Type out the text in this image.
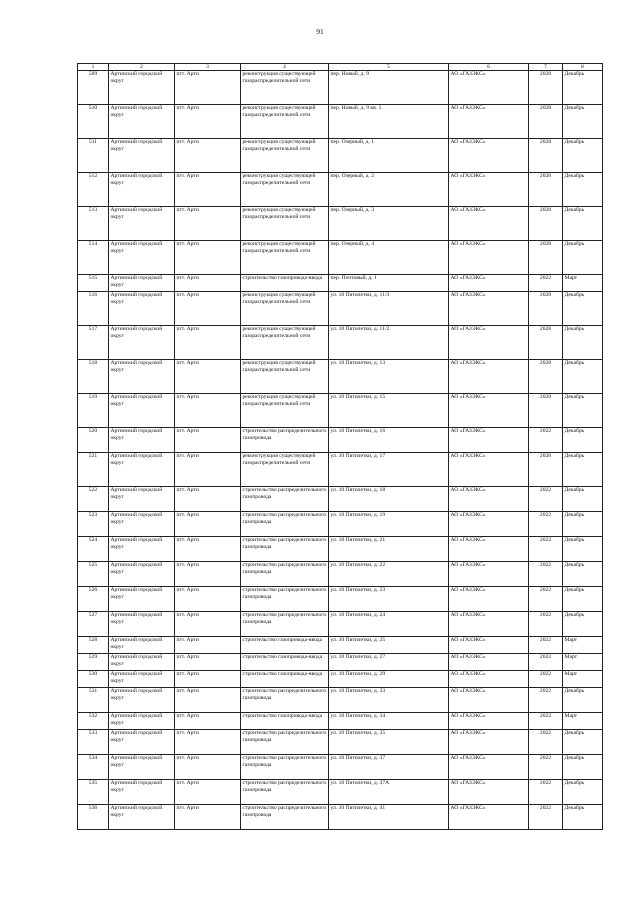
91
1	2	3	4	5	6	7	8
509	Артинский городской округ	пгт. Арти	реконструкция существующей газораспределительной сети	пер. Новый, д. 9	АО «ГАЗЭКС»	2028	Декабрь
510	Артинский городской округ	пгт. Арти	реконструкция существующей газораспределительной сети	пер. Новый, д. 9 кв. 1	АО «ГАЗЭКС»	2028	Декабрь
511	Артинский городской округ	пгт. Арти	реконструкция существующей газораспределительной сети	пер. Озерный, д. 1	АО «ГАЗЭКС»	2028	Декабрь
512	Артинский городской округ	пгт. Арти	реконструкция существующей газораспределительной сети	пер. Озерный, д. 2	АО «ГАЗЭКС»	2028	Декабрь
513	Артинский городской округ	пгт. Арти	реконструкция существующей газораспределительной сети	пер. Озерный, д. 3	АО «ГАЗЭКС»	2028	Декабрь
514	Артинский городской округ	пгт. Арти	реконструкция существующей газораспределительной сети	пер. Озерный, д. 4	АО «ГАЗЭКС»	2028	Декабрь
515	Артинский городской округ	пгт. Арти	строительство газопровода-ввода	пер. Почтовый, д. 1	АО «ГАЗЭКС»	2022	Март
516	Артинский городской округ	пгт. Арти	реконструкция существующей газораспределительной сети	ул. 10 Пятилетки, д. 11/3	АО «ГАЗЭКС»	2028	Декабрь
517	Артинский городской округ	пгт. Арти	реконструкция существующей газораспределительной сети	ул. 10 Пятилетки, д. 11/2	АО «ГАЗЭКС»	2028	Декабрь
518	Артинский городской округ	пгт. Арти	реконструкция существующей газораспределительной сети	ул. 10 Пятилетки, д. 13	АО «ГАЗЭКС»	2028	Декабрь
519	Артинский городской округ	пгт. Арти	реконструкция существующей газораспределительной сети	ул. 10 Пятилетки, д. 15	АО «ГАЗЭКС»	2028	Декабрь
520	Артинский городской округ	пгт. Арти	строительство распределительного газопровода	ул. 10 Пятилетки, д. 16	АО «ГАЗЭКС»	2022	Декабрь
521	Артинский городской округ	пгт. Арти	реконструкция существующей газораспределительной сети	ул. 10 Пятилетки, д. 17	АО «ГАЗЭКС»	2028	Декабрь
522	Артинский городской округ	пгт. Арти	строительство распределительного газопровода	ул. 10 Пятилетки, д. 18	АО «ГАЗЭКС»	2022	Декабрь
523	Артинский городской округ	пгт. Арти	строительство распределительного газопровода	ул. 10 Пятилетки, д. 19	АО «ГАЗЭКС»	2022	Декабрь
524	Артинский городской округ	пгт. Арти	строительство распределительного газопровода	ул. 10 Пятилетки, д. 21	АО «ГАЗЭКС»	2022	Декабрь
525	Артинский городской округ	пгт. Арти	строительство распределительного газопровода	ул. 10 Пятилетки, д. 22	АО «ГАЗЭКС»	2022	Декабрь
526	Артинский городской округ	пгт. Арти	строительство распределительного газопровода	ул. 10 Пятилетки, д. 23	АО «ГАЗЭКС»	2022	Декабрь
527	Артинский городской округ	пгт. Арти	строительство распределительного газопровода	ул. 10 Пятилетки, д. 24	АО «ГАЗЭКС»	2022	Декабрь
528	Артинский городской округ	пгт. Арти	строительство газопровода-ввода	ул. 10 Пятилетки, д. 25	АО «ГАЗЭКС»	2022	Март
529	Артинский городской округ	пгт. Арти	строительство газопровода-ввода	ул. 10 Пятилетки, д. 27	АО «ГАЗЭКС»	2022	Март
530	Артинский городской округ	пгт. Арти	строительство газопровода-ввода	ул. 10 Пятилетки, д. 29	АО «ГАЗЭКС»	2022	Март
531	Артинский городской округ	пгт. Арти	строительство распределительного газопровода	ул. 10 Пятилетки, д. 33	АО «ГАЗЭКС»	2022	Декабрь
532	Артинский городской округ	пгт. Арти	строительство газопровода-ввода	ул. 10 Пятилетки, д. 34	АО «ГАЗЭКС»	2022	Март
533	Артинский городской округ	пгт. Арти	строительство распределительного газопровода	ул. 10 Пятилетки, д. 35	АО «ГАЗЭКС»	2022	Декабрь
534	Артинский городской округ	пгт. Арти	строительство распределительного газопровода	ул. 10 Пятилетки, д. 37	АО «ГАЗЭКС»	2022	Декабрь
535	Артинский городской округ	пгт. Арти	строительство распределительного газопровода	ул. 10 Пятилетки, д. 37А	АО «ГАЗЭКС»	2022	Декабрь
536	Артинский городской округ	пгт. Арти	строительство распределительного газопровода	ул. 10 Пятилетки, д. 41	АО «ГАЗЭКС»	2022	Декабрь
